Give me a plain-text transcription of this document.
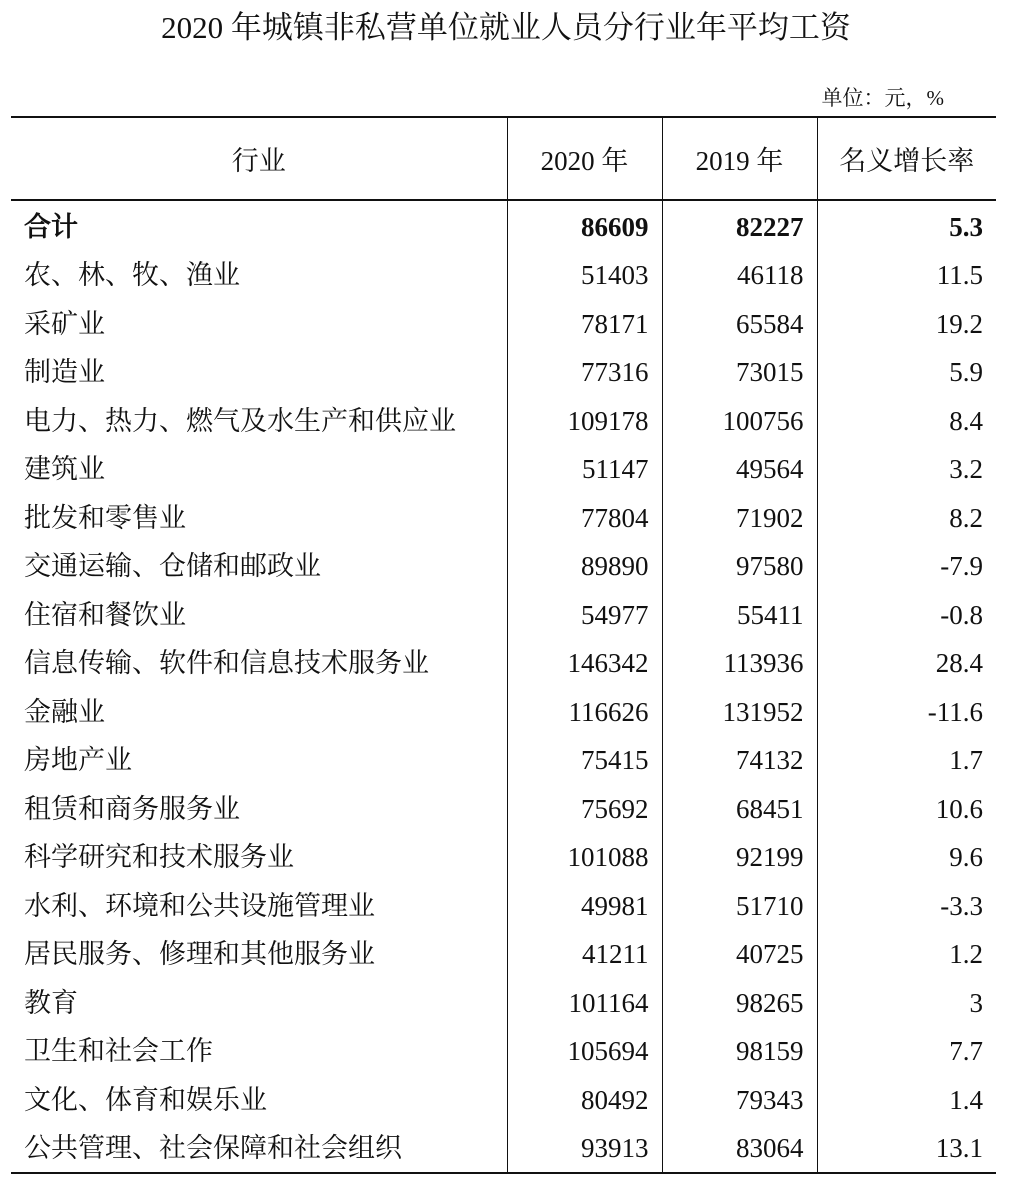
2020 年城镇非私营单位就业人员分行业年平均工资
单位：元，%
行业	2020 年	2019 年	名义增长率
合计	86609	82227	5.3
农、林、牧、渔业	51403	46118	11.5
采矿业	78171	65584	19.2
制造业	77316	73015	5.9
电力、热力、燃气及水生产和供应业	109178	100756	8.4
建筑业	51147	49564	3.2
批发和零售业	77804	71902	8.2
交通运输、仓储和邮政业	89890	97580	-7.9
住宿和餐饮业	54977	55411	-0.8
信息传输、软件和信息技术服务业	146342	113936	28.4
金融业	116626	131952	-11.6
房地产业	75415	74132	1.7
租赁和商务服务业	75692	68451	10.6
科学研究和技术服务业	101088	92199	9.6
水利、环境和公共设施管理业	49981	51710	-3.3
居民服务、修理和其他服务业	41211	40725	1.2
教育	101164	98265	3
卫生和社会工作	105694	98159	7.7
文化、体育和娱乐业	80492	79343	1.4
公共管理、社会保障和社会组织	93913	83064	13.1
